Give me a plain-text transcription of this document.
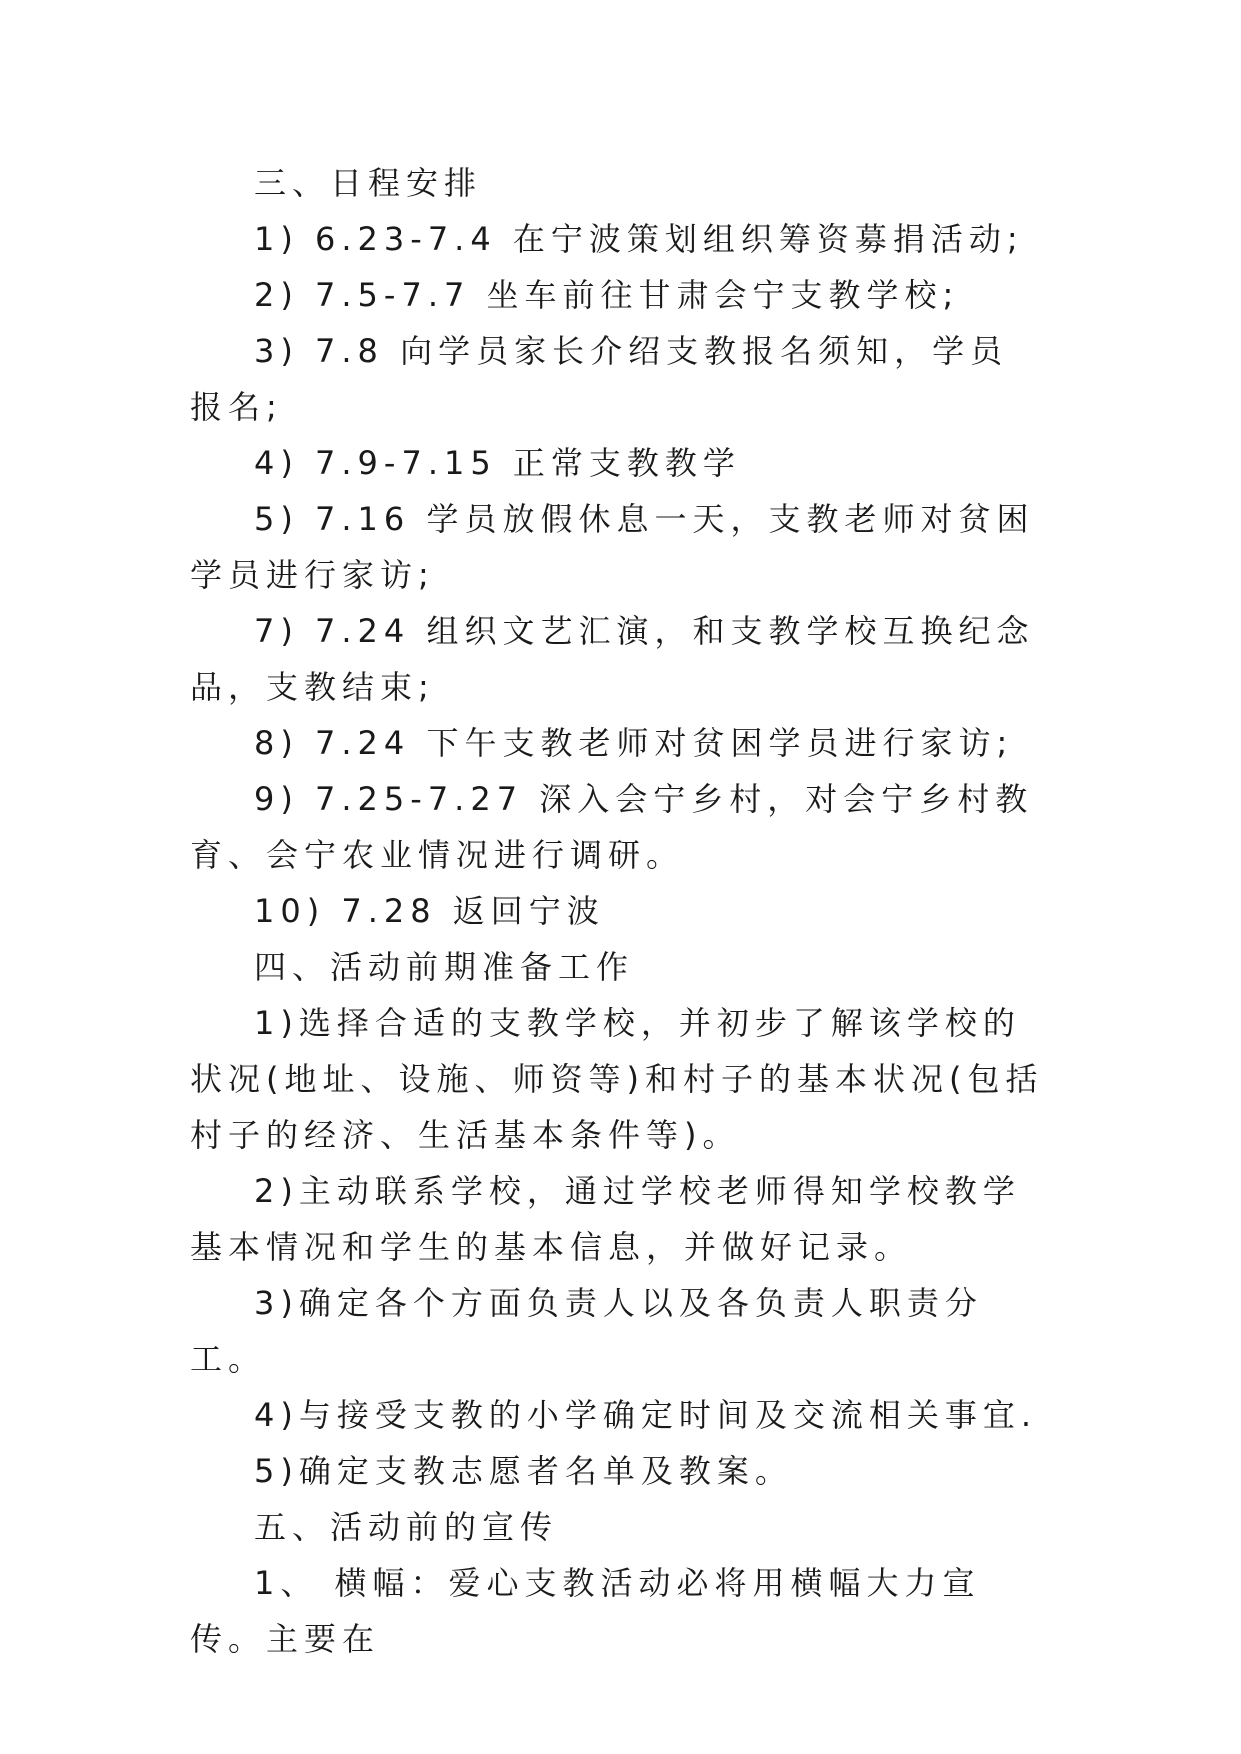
三、日程安排

1) 6.23-7.4 在宁波策划组织筹资募捐活动;

2) 7.5-7.7 坐车前往甘肃会宁支教学校;

3) 7.8 向学员家长介绍支教报名须知，学员报名;

4) 7.9-7.15 正常支教教学

5) 7.16 学员放假休息一天，支教老师对贫困学员进行家访;

7) 7.24 组织文艺汇演，和支教学校互换纪念品，支教结束;

8) 7.24 下午支教老师对贫困学员进行家访;

9) 7.25-7.27 深入会宁乡村，对会宁乡村教育、会宁农业情况进行调研。

10) 7.28 返回宁波

四、活动前期准备工作

1)选择合适的支教学校，并初步了解该学校的状况(地址、设施、师资等)和村子的基本状况(包括村子的经济、生活基本条件等)。

2)主动联系学校，通过学校老师得知学校教学基本情况和学生的基本信息，并做好记录。

3)确定各个方面负责人以及各负责人职责分工。

4)与接受支教的小学确定时间及交流相关事宜.

5)确定支教志愿者名单及教案。

五、活动前的宣传

1、 横幅：爱心支教活动必将用横幅大力宣传。主要在
